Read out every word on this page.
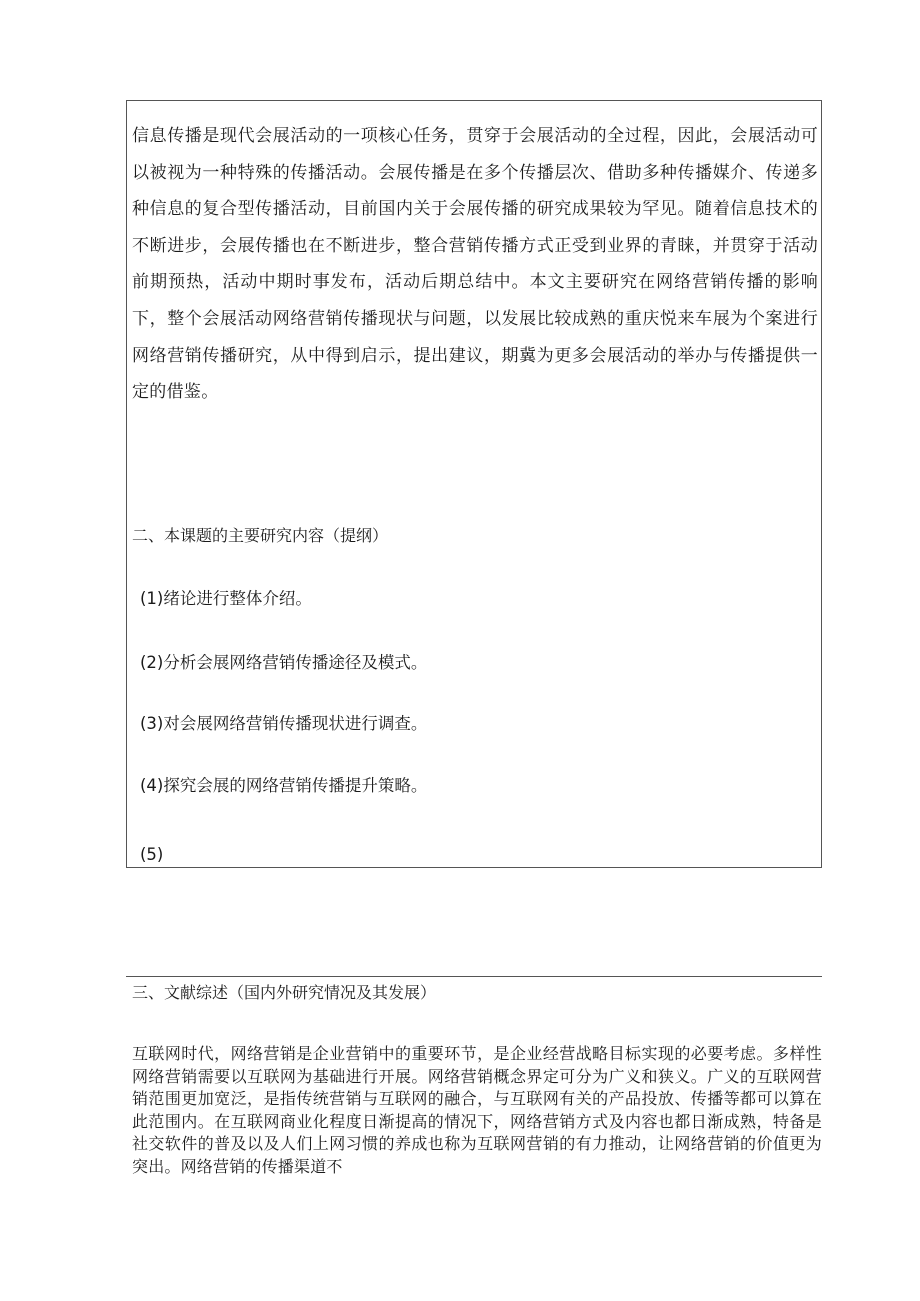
信息传播是现代会展活动的一项核心任务，贯穿于会展活动的全过程，因此，会展活动可以被视为一种特殊的传播活动。会展传播是在多个传播层次、借助多种传播媒介、传递多种信息的复合型传播活动，目前国内关于会展传播的研究成果较为罕见。随着信息技术的不断进步，会展传播也在不断进步，整合营销传播方式正受到业界的青睐，并贯穿于活动前期预热，活动中期时事发布，活动后期总结中。本文主要研究在网络营销传播的影响下，整个会展活动网络营销传播现状与问题，以发展比较成熟的重庆悦来车展为个案进行网络营销传播研究，从中得到启示，提出建议，期冀为更多会展活动的举办与传播提供一定的借鉴。

二、本课题的主要研究内容（提纲）

(1)绪论进行整体介绍。

(2)分析会展网络营销传播途径及模式。

(3)对会展网络营销传播现状进行调查。

(4)探究会展的网络营销传播提升策略。

(5)

三、文献综述（国内外研究情况及其发展）

互联网时代，网络营销是企业营销中的重要环节，是企业经营战略目标实现的必要考虑。多样性网络营销需要以互联网为基础进行开展。网络营销概念界定可分为广义和狭义。广义的互联网营销范围更加宽泛，是指传统营销与互联网的融合，与互联网有关的产品投放、传播等都可以算在此范围内。在互联网商业化程度日渐提高的情况下，网络营销方式及内容也都日渐成熟，特备是社交软件的普及以及人们上网习惯的养成也称为互联网营销的有力推动，让网络营销的价值更为突出。网络营销的传播渠道不
